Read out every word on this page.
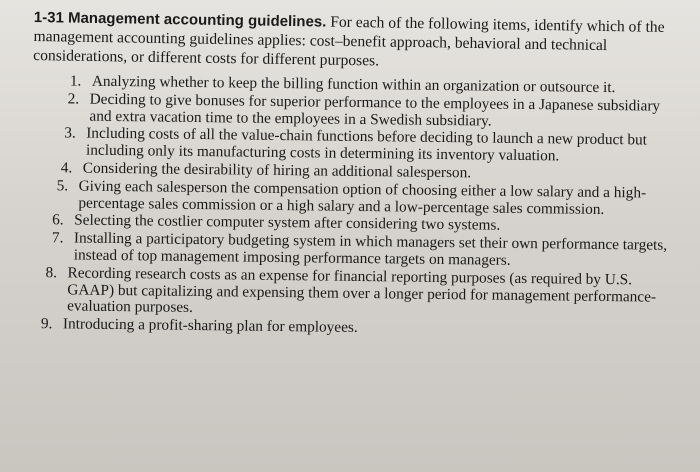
1-31 Management accounting guidelines. For each of the following items, identify which of the management accounting guidelines applies: cost–benefit approach, behavioral and technical considerations, or different costs for different purposes.

1. Analyzing whether to keep the billing function within an organization or outsource it.
2. Deciding to give bonuses for superior performance to the employees in a Japanese subsidiary and extra vacation time to the employees in a Swedish subsidiary.
3. Including costs of all the value-chain functions before deciding to launch a new product but including only its manufacturing costs in determining its inventory valuation.
4. Considering the desirability of hiring an additional salesperson.
5. Giving each salesperson the compensation option of choosing either a low salary and a high-percentage sales commission or a high salary and a low-percentage sales commission.
6. Selecting the costlier computer system after considering two systems.
7. Installing a participatory budgeting system in which managers set their own performance targets, instead of top management imposing performance targets on managers.
8. Recording research costs as an expense for financial reporting purposes (as required by U.S. GAAP) but capitalizing and expensing them over a longer period for management performance-evaluation purposes.
9. Introducing a profit-sharing plan for employees.
